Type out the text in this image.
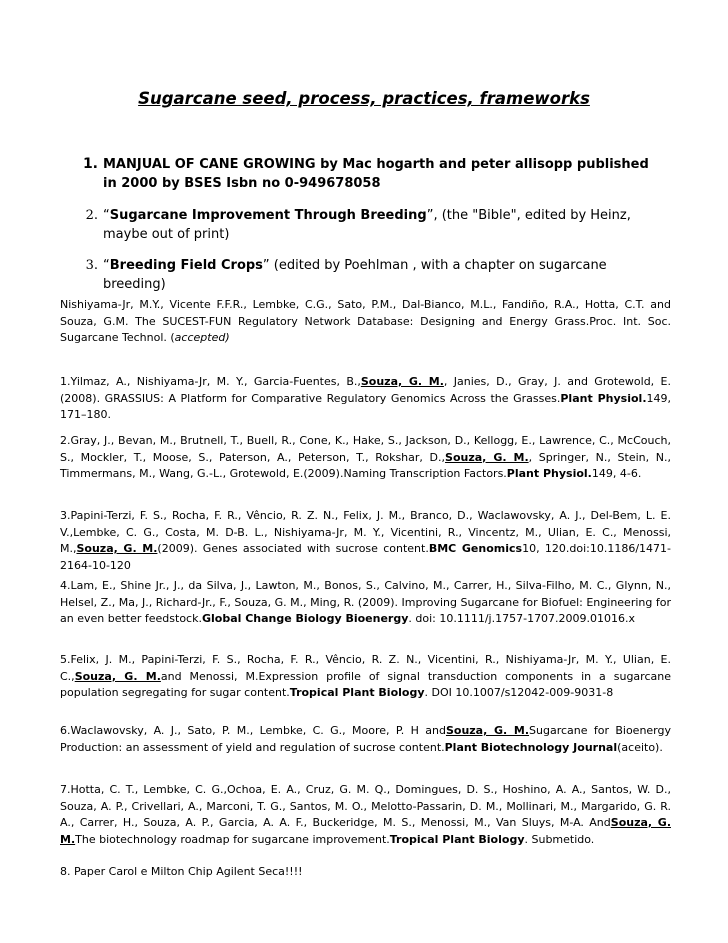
Sugarcane seed, process, practices, frameworks
1. MANJUAL OF CANE GROWING by Mac hogarth and peter allisopp published in 2000 by BSES Isbn no 0-949678058
2. “Sugarcane Improvement Through Breeding”, (the "Bible", edited by Heinz, maybe out of print)
3. “Breeding Field Crops” (edited by Poehlman , with a chapter on sugarcane breeding)
Nishiyama-Jr, M.Y., Vicente F.F.R., Lembke, C.G., Sato, P.M., Dal-Bianco, M.L., Fandiño, R.A., Hotta, C.T. and Souza, G.M. The SUCEST-FUN Regulatory Network Database: Designing and Energy Grass.Proc. Int. Soc. Sugarcane Technol. (accepted)
1.Yilmaz, A., Nishiyama-Jr, M. Y., Garcia-Fuentes, B.,Souza, G. M., Janies, D., Gray, J. and Grotewold, E. (2008). GRASSIUS: A Platform for Comparative Regulatory Genomics Across the Grasses.Plant Physiol.149, 171–180.
2.Gray, J., Bevan, M., Brutnell, T., Buell, R., Cone, K., Hake, S., Jackson, D., Kellogg, E., Lawrence, C., McCouch, S., Mockler, T., Moose, S., Paterson, A., Peterson, T., Rokshar, D.,Souza, G. M., Springer, N., Stein, N., Timmermans, M., Wang, G.-L., Grotewold, E.(2009).Naming Transcription Factors.Plant Physiol.149, 4-6.
3.Papini-Terzi, F. S., Rocha, F. R., Vêncio, R. Z. N., Felix, J. M., Branco, D., Waclawovsky, A. J., Del-Bem, L. E. V.,Lembke, C. G., Costa, M. D-B. L., Nishiyama-Jr, M. Y., Vicentini, R., Vincentz, M., Ulian, E. C., Menossi, M.,Souza, G. M.(2009). Genes associated with sucrose content.BMC Genomics10, 120.doi:10.1186/1471-2164-10-120
4.Lam, E., Shine Jr., J., da Silva, J., Lawton, M., Bonos, S., Calvino, M., Carrer, H., Silva-Filho, M. C., Glynn, N., Helsel, Z., Ma, J., Richard-Jr., F., Souza, G. M., Ming, R. (2009). Improving Sugarcane for Biofuel: Engineering for an even better feedstock.Global Change Biology Bioenergy. doi: 10.1111/j.1757-1707.2009.01016.x
5.Felix, J. M., Papini-Terzi, F. S., Rocha, F. R., Vêncio, R. Z. N., Vicentini, R., Nishiyama-Jr, M. Y., Ulian, E. C.,Souza, G. M.and Menossi, M.Expression profile of signal transduction components in a sugarcane population segregating for sugar content.Tropical Plant Biology. DOI 10.1007/s12042-009-9031-8
6.Waclawovsky, A. J., Sato, P. M., Lembke, C. G., Moore, P. H andSouza, G. M.Sugarcane for Bioenergy Production: an assessment of yield and regulation of sucrose content.Plant Biotechnology Journal(aceito).
7.Hotta, C. T., Lembke, C. G.,Ochoa, E. A., Cruz, G. M. Q., Domingues, D. S., Hoshino, A. A., Santos, W. D., Souza, A. P., Crivellari, A., Marconi, T. G., Santos, M. O., Melotto-Passarin, D. M., Mollinari, M., Margarido, G. R. A., Carrer, H., Souza, A. P., Garcia, A. A. F., Buckeridge, M. S., Menossi, M., Van Sluys, M-A. AndSouza, G. M.The biotechnology roadmap for sugarcane improvement.Tropical Plant Biology. Submetido.
8. Paper Carol e Milton Chip Agilent Seca!!!!
